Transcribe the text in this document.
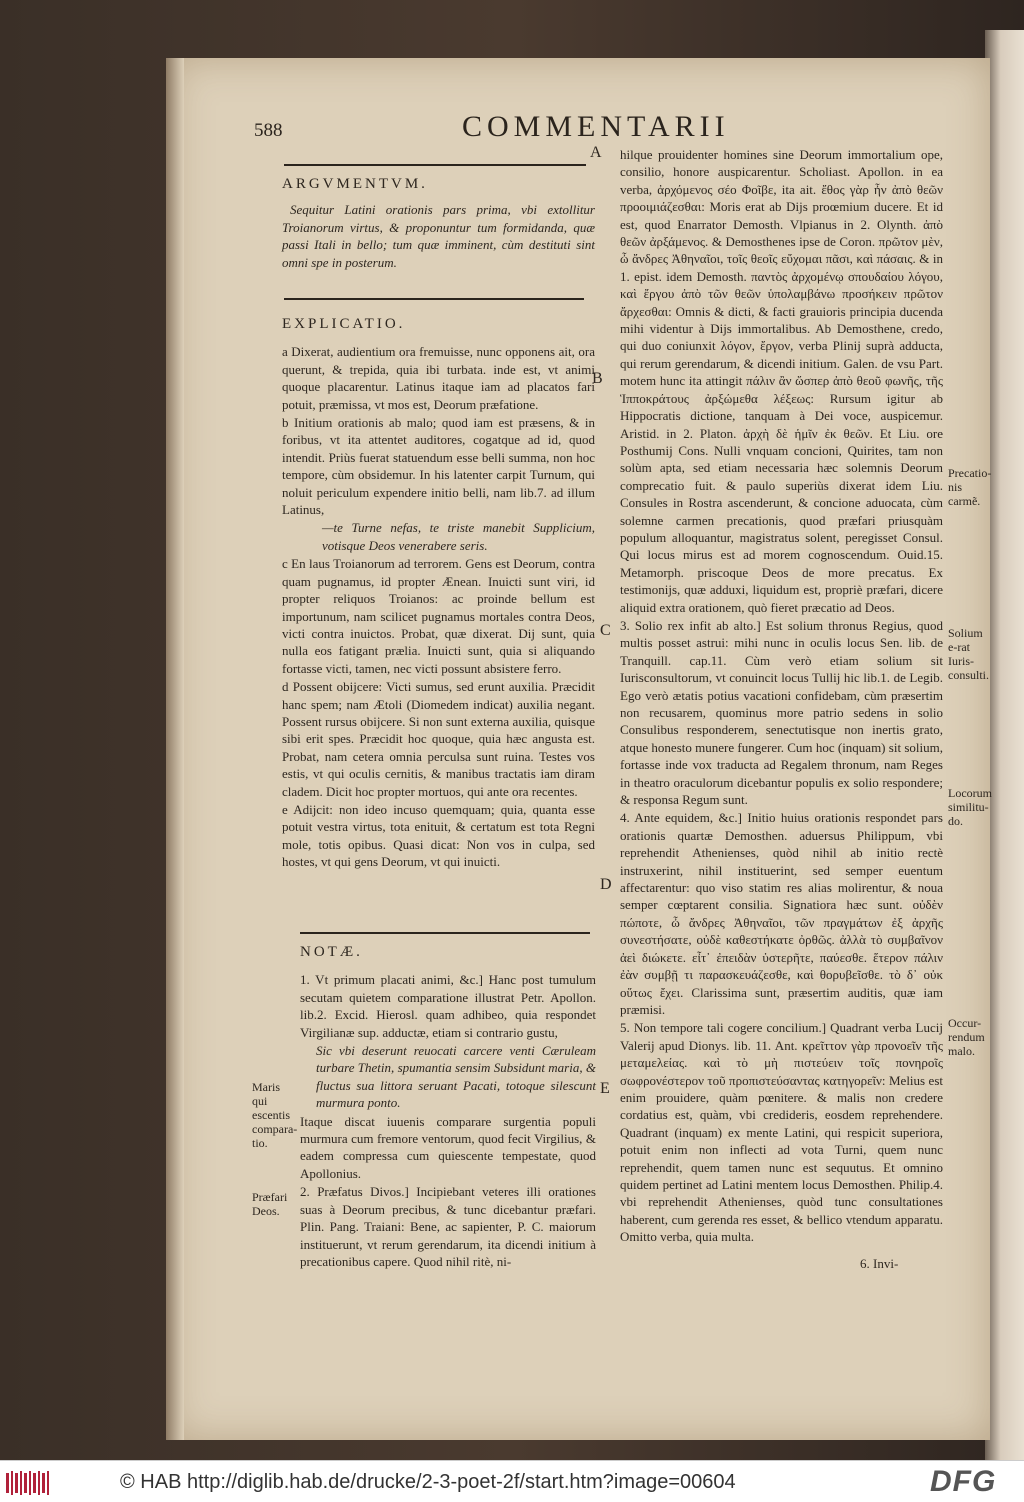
588	COMMENTARII

ARGVMENTVM.

Sequitur Latini orationis pars prima, vbi extollitur Troianorum virtus, & proponuntur tum formidanda, quæ passi Itali in bello; tum quæ imminent, cùm destituti sint omni spe in posterum.

EXPLICATIO.

a Dixerat, audientium ora fremuisse, nunc opponens ait, ora querunt, & trepida, quia ibi turbata. inde est, vt animi quoque placarentur. Latinus itaque iam ad placatos fari potuit, præmissa, vt mos est, Deorum præfatione.

b Initium orationis ab malo; quod iam est præsens, & in foribus, vt ita attentet auditores, cogatque ad id, quod intendit. Priùs fuerat statuendum esse belli summa, non hoc tempore, cùm obsidemur. In his latenter carpit Turnum, qui noluit periculum expendere initio belli, nam lib.7. ad illum Latinus,

—te Turne nefas, te triste manebit Supplicium, votisque Deos venerabere seris.

c En laus Troianorum ad terrorem. Gens est Deorum, contra quam pugnamus, id propter Ænean. Inuicti sunt viri, id propter reliquos Troianos: ac proinde bellum est importunum, nam scilicet pugnamus mortales contra Deos, victi contra inuictos. Probat, quæ dixerat. Dij sunt, quia nulla eos fatigant prælia. Inuicti sunt, quia si aliquando fortasse victi, tamen, nec victi possunt absistere ferro.

d Possent obijcere: Victi sumus, sed erunt auxilia. Præcidit hanc spem; nam Ætoli (Diomedem indicat) auxilia negant. Possent rursus obijcere. Si non sunt externa auxilia, quisque sibi erit spes. Præcidit hoc quoque, quia hæc angusta est. Probat, nam cetera omnia perculsa sunt ruina. Testes vos estis, vt qui oculis cernitis, & manibus tractatis iam diram cladem. Dicit hoc propter mortuos, qui ante ora recentes.

e Adijcit: non ideo incuso quemquam; quia, quanta esse potuit vestra virtus, tota enituit, & certatum est tota Regni mole, totis opibus. Quasi dicat: Non vos in culpa, sed hostes, vt qui gens Deorum, vt qui inuicti.

NOTÆ.

1. Vt primum placati animi, &c.] Hanc post tumulum secutam quietem comparatione illustrat Petr. Apollon. lib.2. Excid. Hierosl. quam adhibeo, quia respondet Virgilianæ sup. adductæ, etiam si contrario gustu,

Sic vbi deserunt reuocati carcere venti Cæruleam turbare Thetin, spumantia sensim Subsidunt maria, & fluctus sua littora seruant Pacati, totoque silescunt murmura ponto.

Itaque discat iuuenis comparare surgentia populi murmura cum fremore ventorum, quod fecit Virgilius, & eadem compressa cum quiescente tempestate, quod Apollonius.

2. Præfatus Divos.] Incipiebant veteres illi orationes suas à Deorum precibus, & tunc dicebantur præfari. Plin. Pang. Traiani: Bene, ac sapienter, P. C. maiorum instituerunt, vt rerum gerendarum, ita dicendi initium à precationibus capere. Quod nihil ritè, ni-

hilque prouidenter homines sine Deorum immortalium ope, consilio, honore auspicarentur. Scholiast. Apollon. in ea verba, ἀρχόμενος σέο Φοῖβε, ita ait. ἔθος γὰρ ἦν ἀπὸ θεῶν προοιμιάζεσθαι: Moris erat ab Dijs proœmium ducere. Et id est, quod Enarrator Demosth. Vlpianus in 2. Olynth. ἀπὸ θεῶν ἀρξάμενος. & Demosthenes ipse de Coron. πρῶτον μὲν, ὦ ἄνδρες Ἀθηναῖοι, τοῖς θεοῖς εὔχομαι πᾶσι, καὶ πάσαις. & in 1. epist. idem Demosth. παντὸς ἀρχομένῳ σπουδαίου λόγου, καὶ ἔργου ἀπὸ τῶν θεῶν ὑπολαμβάνω προσήκειν πρῶτον ἄρχεσθαι: Omnis & dicti, & facti grauioris principia ducenda mihi videntur à Dijs immortalibus. Ab Demosthene, credo, qui duo coniunxit λόγον, ἔργον, verba Plinij suprà adducta, qui rerum gerendarum, & dicendi initium. Galen. de vsu Part. motem hunc ita attingit πάλιν ἂν ὥσπερ ἀπὸ θεοῦ φωνῆς, τῆς Ἱπποκράτους ἀρξώμεθα λέξεως: Rursum igitur ab Hippocratis dictione, tanquam à Dei voce, auspicemur. Aristid. in 2. Platon. ἀρχὴ δὲ ἡμῖν ἐκ θεῶν. Et Liu. ore Posthumij Cons. Nulli vnquam concioni, Quirites, tam non solùm apta, sed etiam necessaria hæc solemnis Deorum comprecatio fuit. & paulo superiùs dixerat idem Liu. Consules in Rostra ascenderunt, & concione aduocata, cùm solemne carmen precationis, quod præfari priusquàm populum alloquantur, magistratus solent, peregisset Consul. Qui locus mirus est ad morem cognoscendum. Ouid.15. Metamorph. priscoque Deos de more precatus. Ex testimonijs, quæ adduxi, liquidum est, propriè præfari, dicere aliquid extra orationem, quò fieret præcatio ad Deos.

3. Solio rex infit ab alto.] Est solium thronus Regius, quod multis posset astrui: mihi nunc in oculis locus Sen. lib. de Tranquill. cap.11. Cùm verò etiam solium sit Iurisconsultorum, vt conuincit locus Tullij hic lib.1. de Legib. Ego verò ætatis potius vacationi confidebam, cùm præsertim non recusarem, quominus more patrio sedens in solio Consulibus responderem, senectutisque non inertis grato, atque honesto munere fungerer. Cum hoc (inquam) sit solium, fortasse inde vox traducta ad Regalem thronum, nam Reges in theatro oraculorum dicebantur populis ex solio respondere; & responsa Regum sunt.

4. Ante equidem, &c.] Initio huius orationis respondet pars orationis quartæ Demosthen. aduersus Philippum, vbi reprehendit Athenienses, quòd nihil ab initio rectè instruxerint, nihil instituerint, sed semper euentum affectarentur: quo viso statim res alias molirentur, & noua semper cœptarent consilia. Signatiora hæc sunt. οὐδὲν πώποτε, ὦ ἄνδρες Ἀθηναῖοι, τῶν πραγμάτων ἐξ ἀρχῆς συνεστήσατε, οὐδὲ καθεστήκατε ὀρθῶς. ἀλλὰ τὸ συμβαῖνον ἀεὶ διώκετε. εἶτ᾽ ἐπειδὰν ὑστερῆτε, παύεσθε. ἕτερον πάλιν ἐὰν συμβῇ τι παρασκευάζεσθε, καὶ θορυβεῖσθε. τὸ δ᾽ οὐκ οὕτως ἔχει. Clarissima sunt, præsertim auditis, quæ iam præmisi.

5. Non tempore tali cogere concilium.] Quadrant verba Lucij Valerij apud Dionys. lib. 11. Ant. κρεῖττον γὰρ προνοεῖν τῆς μεταμελείας. καὶ τὸ μὴ πιστεύειν τοῖς πονηροῖς σωφρονέστερον τοῦ προπιστεύσαντας κατηγορεῖν: Melius est enim prouidere, quàm pœnitere. & malis non credere cordatius est, quàm, vbi credideris, eosdem reprehendere. Quadrant (inquam) ex mente Latini, qui respicit superiora, potuit enim non inflecti ad vota Turni, quem nunc reprehendit, quem tamen nunc est sequutus. Et omnino quidem pertinet ad Latini mentem locus Demosthen. Philip.4. vbi reprehendit Athenienses, quòd tunc consultationes haberent, cum gerenda res esset, & bellico vtendum apparatu. Omitto verba, quia multa.

Precatio-nis carmẽ.
Solium e-rat Iuris-consulti.
Locorum similitu-do.
Occur-rendum malo.
Maris qui escentis compara-tio.
Præfari Deos.
A
B
C
D
E
6. Invi-
© HAB http://diglib.hab.de/drucke/2-3-poet-2f/start.htm?image=00604	DFG
